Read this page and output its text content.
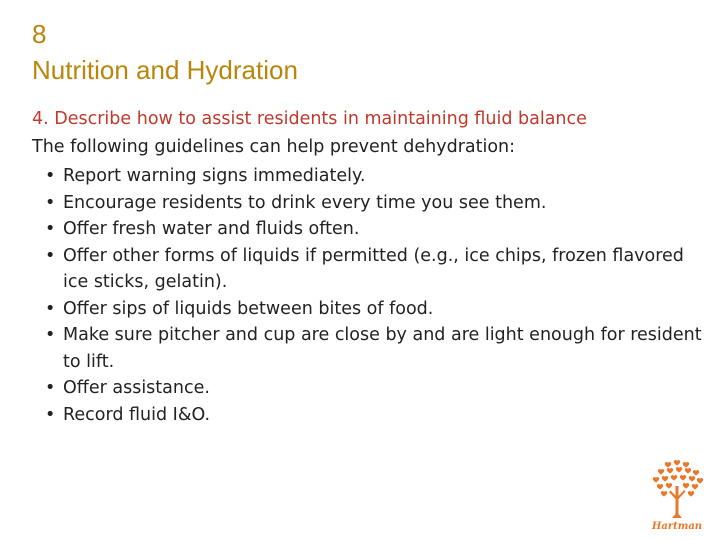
8
Nutrition and Hydration
4. Describe how to assist residents in maintaining fluid balance
The following guidelines can help prevent dehydration:
• Report warning signs immediately.
• Encourage residents to drink every time you see them.
• Offer fresh water and fluids often.
• Offer other forms of liquids if permitted (e.g., ice chips, frozen flavored ice sticks, gelatin).
• Offer sips of liquids between bites of food.
• Make sure pitcher and cup are close by and are light enough for resident to lift.
• Offer assistance.
• Record fluid I&O.
Hartman
